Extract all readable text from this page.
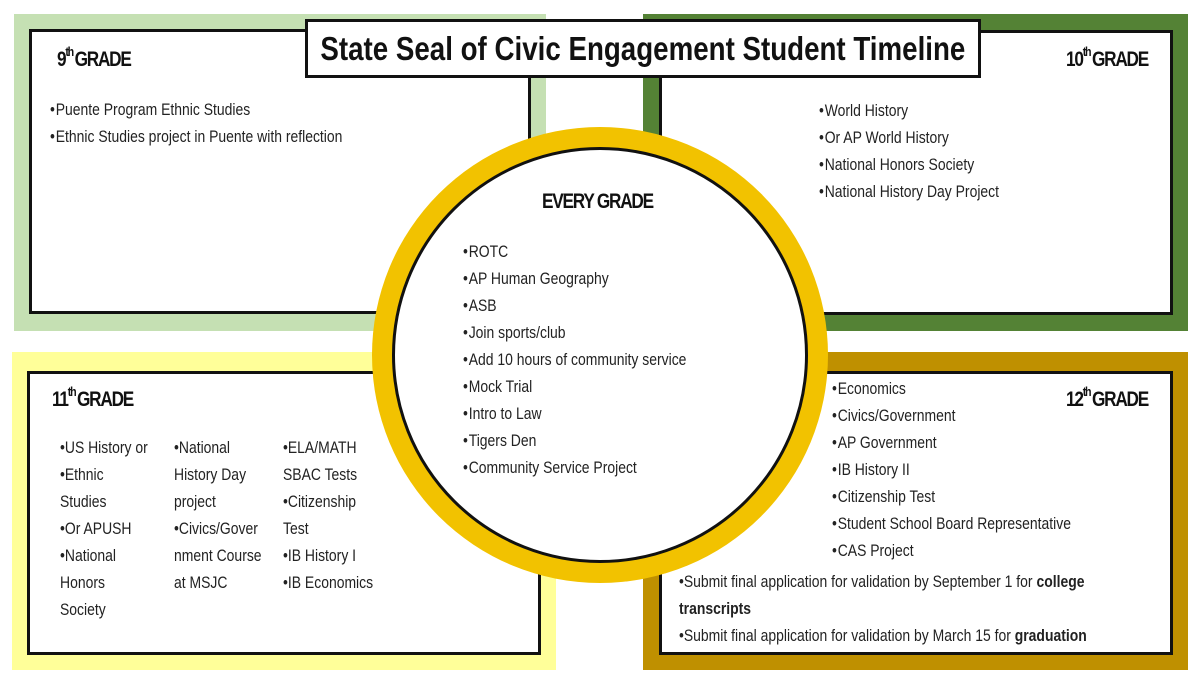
9thGRADE
• Puente Program Ethnic Studies
• Ethnic Studies project in Puente with reflection
10thGRADE
• World History
• Or AP World History
• National Honors Society
• National History Day Project
11thGRADE
•US History or
•Ethnic
Studies
•Or APUSH
•National
Honors
Society
•National
History Day
project
•Civics/Gover
nment Course
at MSJC
•ELA/MATH
SBAC Tests
•Citizenship
Test
•IB History I
•IB Economics
12thGRADE
• Economics
• Civics/Government
• AP Government
• IB History II
• Citizenship Test
• Student School Board Representative
• CAS Project
•Submit final application for validation by September 1 for college transcripts
•Submit final application for validation by March 15 for graduation
State Seal of Civic Engagement Student Timeline
EVERY GRADE
• ROTC
• AP Human Geography
• ASB
• Join sports/club
• Add 10 hours of community service
• Mock Trial
• Intro to Law
• Tigers Den
• Community Service Project
